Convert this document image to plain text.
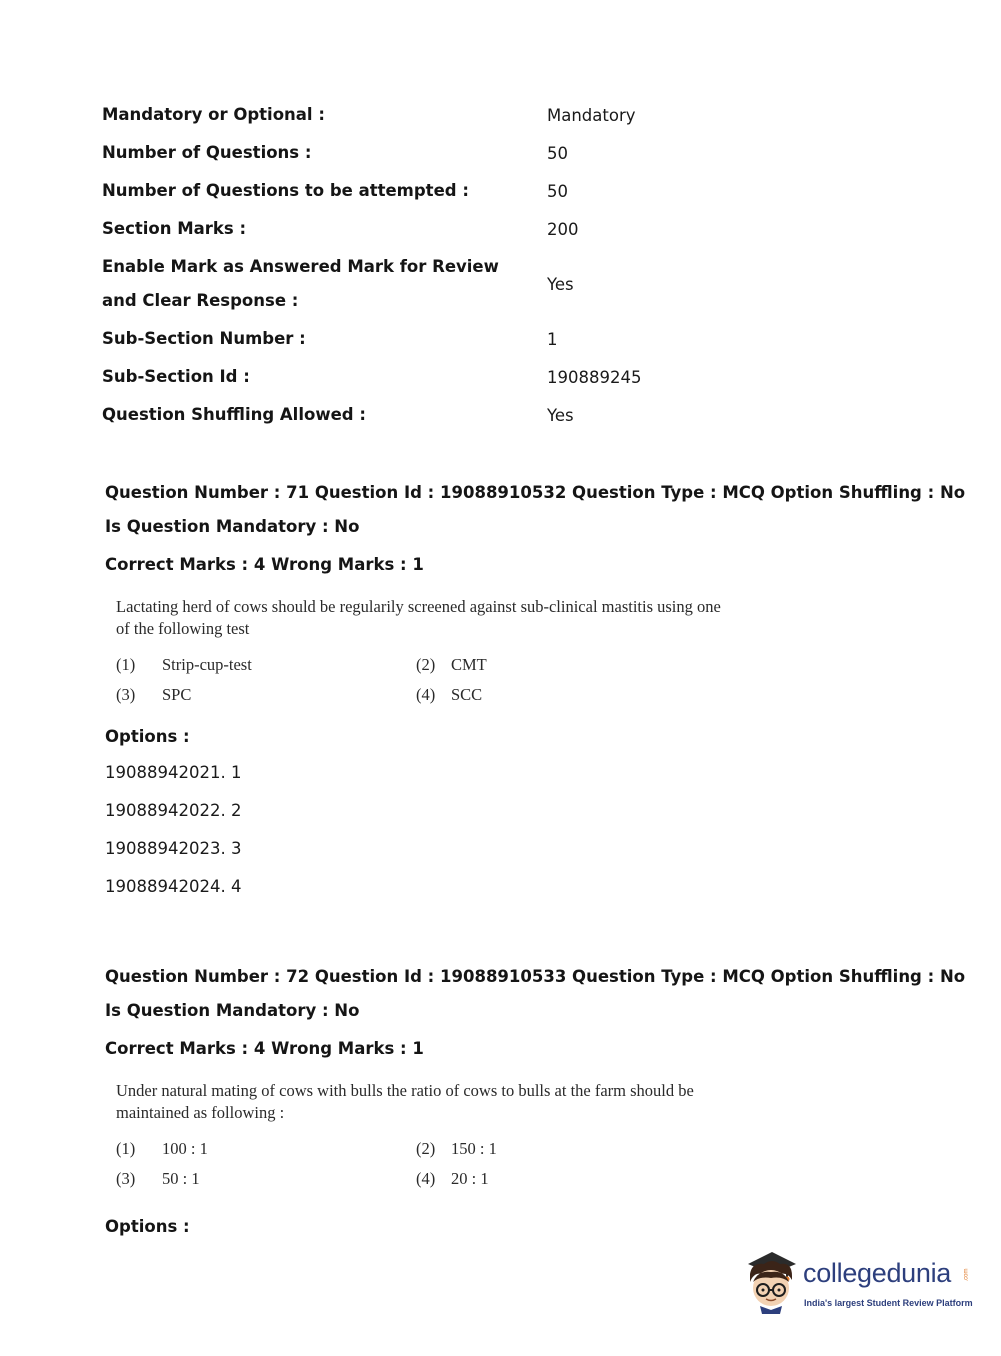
Mandatory or Optional :	Mandatory
Number of Questions :	50
Number of Questions to be attempted :	50
Section Marks :	200
Enable Mark as Answered Mark for Review and Clear Response :
Yes
Sub-Section Number :	1
Sub-Section Id :	190889245
Question Shuffling Allowed :	Yes
Question Number : 71 Question Id : 19088910532 Question Type : MCQ Option Shuffling : No
Is Question Mandatory : No
Correct Marks : 4 Wrong Marks : 1
Lactating herd of cows should be regularily screened against sub-clinical mastitis using one of the following test
(1)	Strip-cup-test	(2) CMT
(3)	SPC	(4) SCC
Options :
19088942021. 1
19088942022. 2
19088942023. 3
19088942024. 4
Question Number : 72 Question Id : 19088910533 Question Type : MCQ Option Shuffling : No
Is Question Mandatory : No
Correct Marks : 4 Wrong Marks : 1
Under natural mating of cows with bulls the ratio of cows to bulls at the farm should be maintained as following :
(1)	100 : 1	(2) 150 : 1
(3)	50 : 1	(4) 20 : 1
Options :
collegedunia .com
India's largest Student Review Platform
